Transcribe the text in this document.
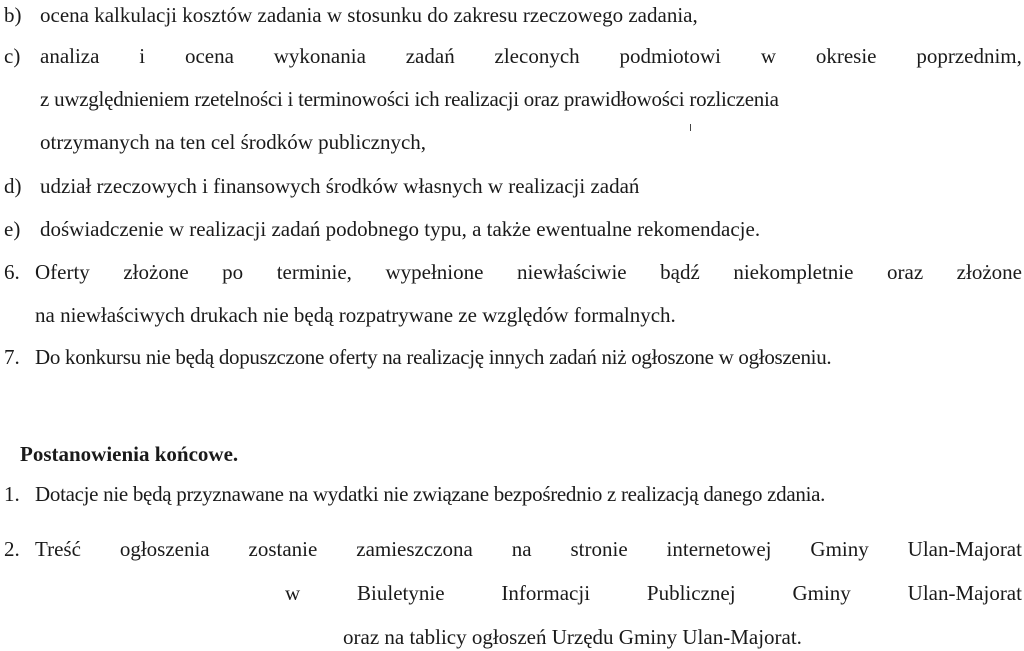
b) ocena kalkulacji kosztów zadania w stosunku do zakresu rzeczowego zadania,
c) analiza i ocena wykonania zadań zleconych podmiotowi w okresie poprzednim,
z uwzględnieniem rzetelności i terminowości ich realizacji oraz prawidłowości rozliczenia
otrzymanych na ten cel środków publicznych,
d) udział rzeczowych i finansowych środków własnych w realizacji zadań
e) doświadczenie w realizacji zadań podobnego typu, a także ewentualne rekomendacje.
6. Oferty złożone po terminie, wypełnione niewłaściwie bądź niekompletnie oraz złożone
na niewłaściwych drukach nie będą rozpatrywane ze względów formalnych.
7. Do konkursu nie będą dopuszczone oferty na realizację innych zadań niż ogłoszone w ogłoszeniu.
Postanowienia końcowe.
1. Dotacje nie będą przyznawane na wydatki nie związane bezpośrednio z realizacją danego zdania.
2. Treść ogłoszenia zostanie zamieszczona na stronie internetowej Gminy Ulan-Majorat
w	Biuletynie	Informacji	Publicznej	Gminy	Ulan-Majorat
oraz na tablicy ogłoszeń Urzędu Gminy Ulan-Majorat.
